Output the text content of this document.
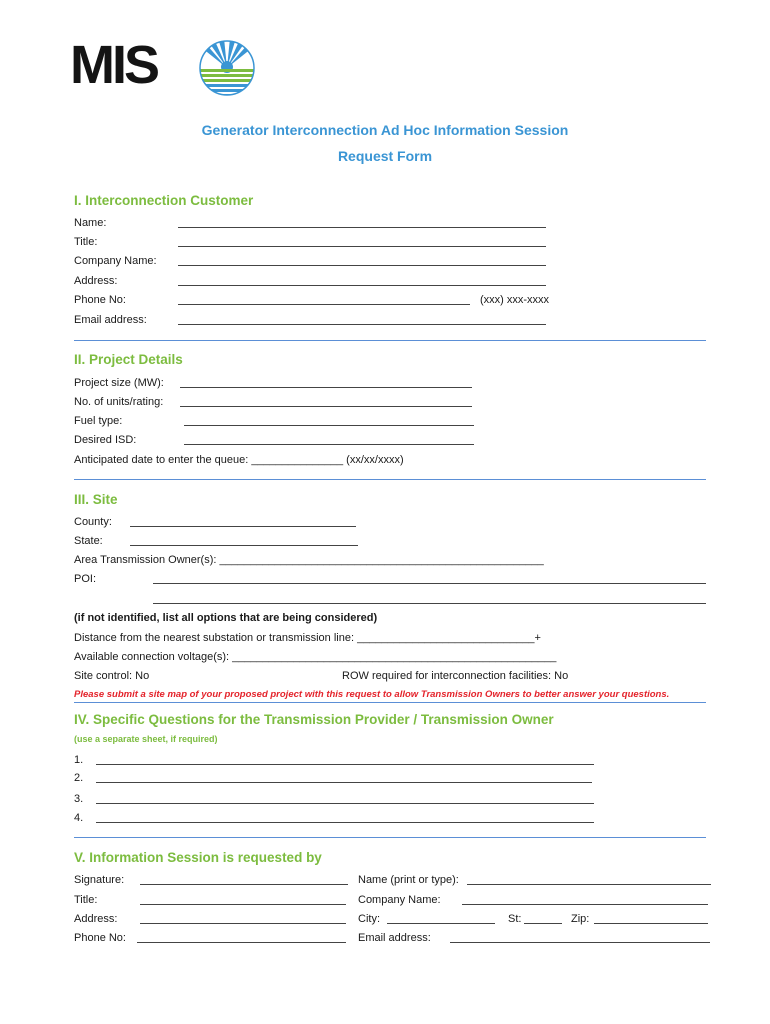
MIS
Generator Interconnection Ad Hoc Information Session
Request Form
I. Interconnection Customer
Name:
Title:
Company Name:
Address:
Phone No:	(xxx) xxx-xxxx
Email address:
II. Project Details
Project size (MW):
No. of units/rating:
Fuel type:
Desired ISD:
Anticipated date to enter the queue: _______________ (xx/xx/xxxx)
III. Site
County:
State:
Area Transmission Owner(s): _____________________________________________________
POI:
(if not identified, list all options that are being considered)
Distance from the nearest substation or transmission line: _____________________________+
Available connection voltage(s): _____________________________________________________
Site control: No	ROW required for interconnection facilities: No
Please submit a site map of your proposed project with this request to allow Transmission Owners to better answer your questions.
IV. Specific Questions for the Transmission Provider / Transmission Owner
(use a separate sheet, if required)
1.
2.
3.
4.
V. Information Session is requested by
Signature:	Name (print or type):
Title:	Company Name:
Address:	City:	St:	Zip:
Phone No:	Email address:
